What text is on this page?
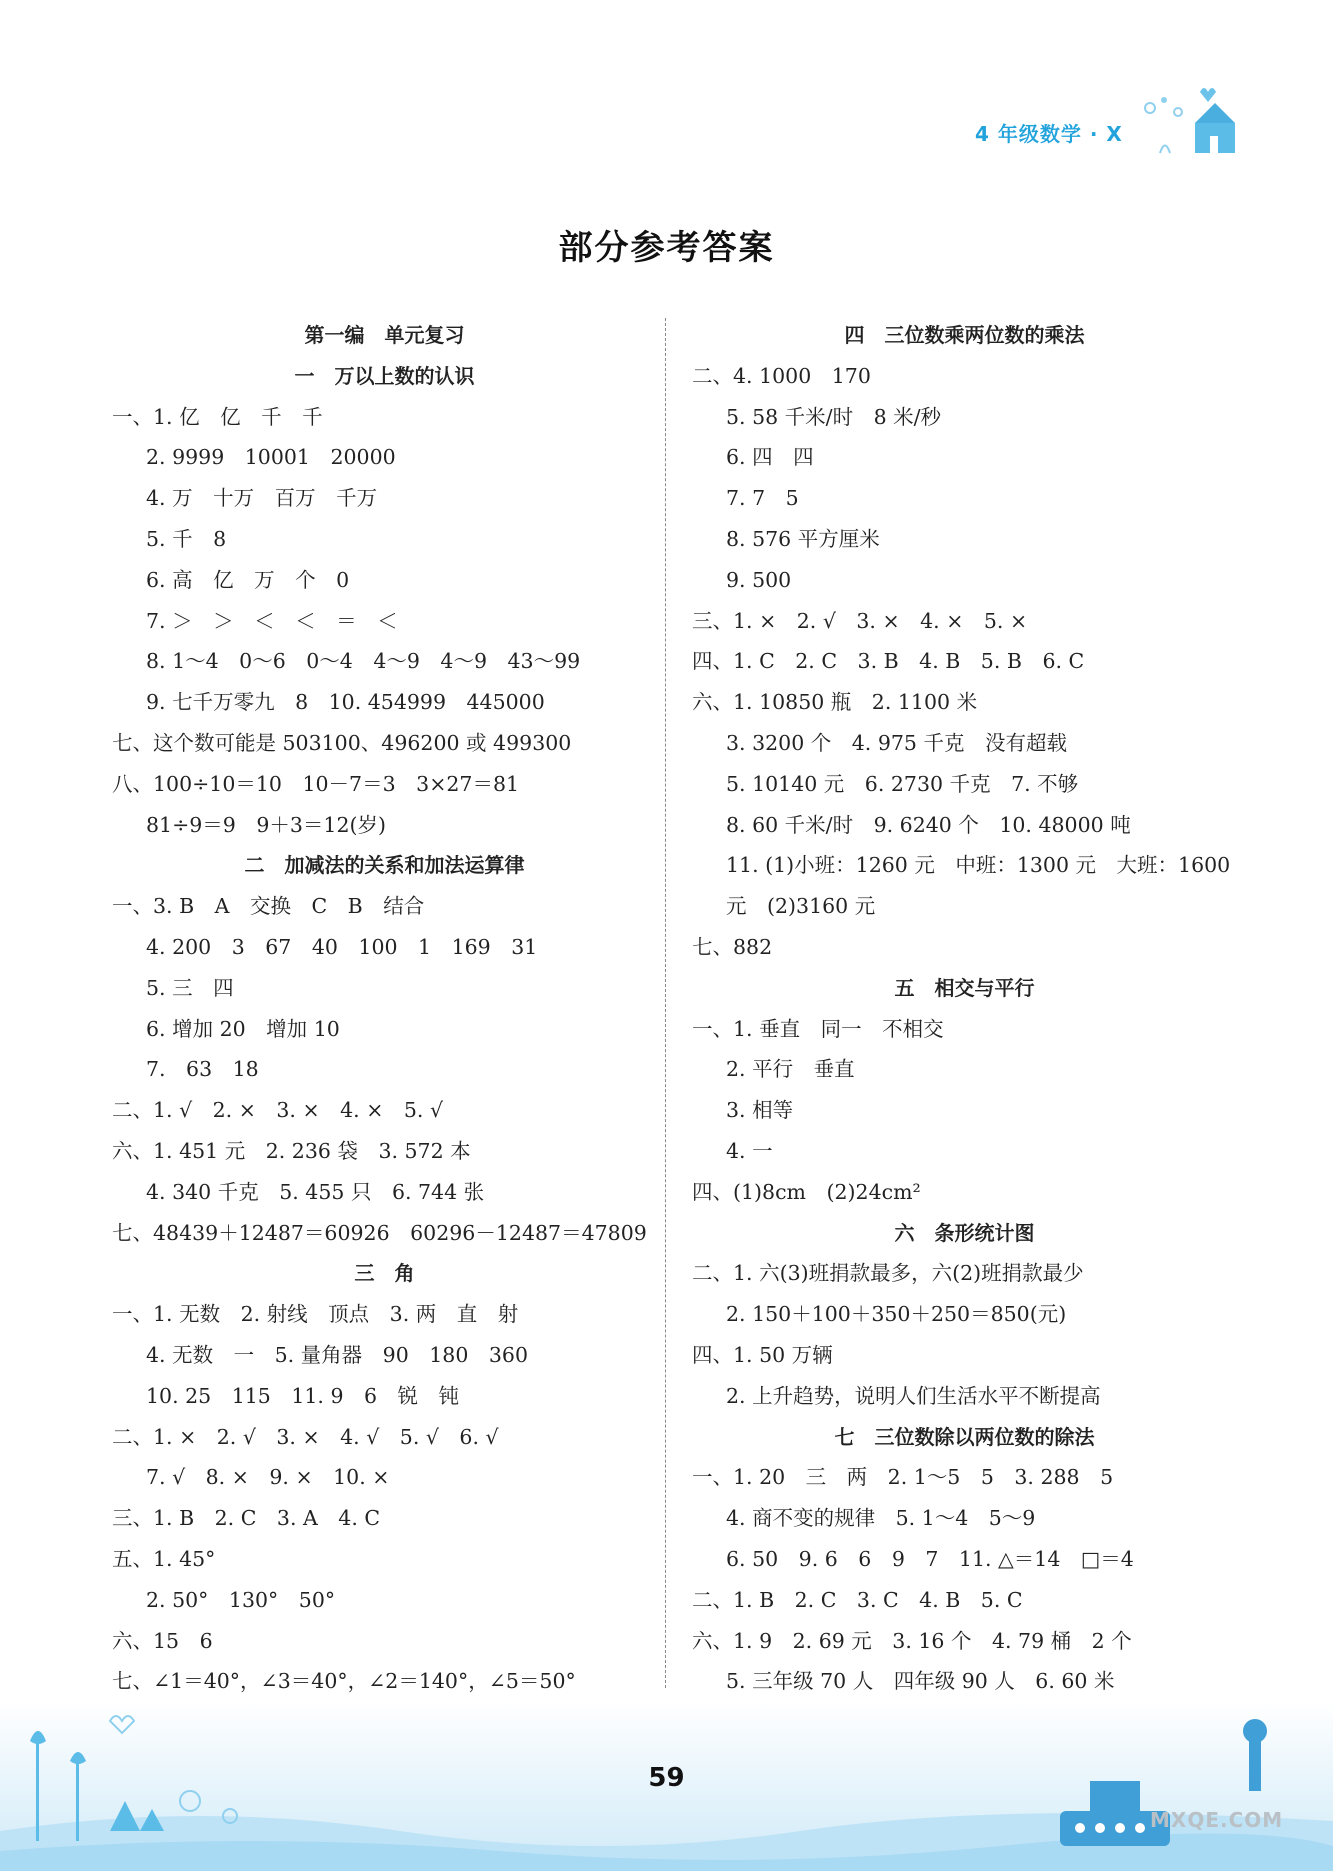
4 年级数学 · X
部分参考答案
第一编　单元复习
一　万以上数的认识
一、1. 亿　亿　千　千
2. 9999　10001　20000
4. 万　十万　百万　千万
5. 千　8
6. 高　亿　万　个　0
7. ＞　＞　＜　＜　＝　＜
8. 1～4　0～6　0～4　4～9　4～9　43～99
9. 七千万零九　8　10. 454999　445000
七、这个数可能是 503100、496200 或 499300
八、100÷10＝10　10－7＝3　3×27＝81
81÷9＝9　9＋3＝12(岁)
二　加减法的关系和加法运算律
一、3. B　A　交换　C　B　结合
4. 200　3　67　40　100　1　169　31
5. 三　四
6. 增加 20　增加 10
7.　63　18
二、1. √　2. ×　3. ×　4. ×　5. √
六、1. 451 元　2. 236 袋　3. 572 本
4. 340 千克　5. 455 只　6. 744 张
七、48439＋12487＝60926　60296－12487＝47809
三　角
一、1. 无数　2. 射线　顶点　3. 两　直　射
4. 无数　一　5. 量角器　90　180　360
10. 25　115　11. 9　6　锐　钝
二、1. ×　2. √　3. ×　4. √　5. √　6. √
7. √　8. ×　9. ×　10. ×
三、1. B　2. C　3. A　4. C
五、1. 45°
2. 50°　130°　50°
六、15　6
七、∠1＝40°，∠3＝40°，∠2＝140°，∠5＝50°
四　三位数乘两位数的乘法
二、4. 1000　170
5. 58 千米/时　8 米/秒
6. 四　四
7. 7　5
8. 576 平方厘米
9. 500
三、1. ×　2. √　3. ×　4. ×　5. ×
四、1. C　2. C　3. B　4. B　5. B　6. C
六、1. 10850 瓶　2. 1100 米
3. 3200 个　4. 975 千克　没有超载
5. 10140 元　6. 2730 千克　7. 不够
8. 60 千米/时　9. 6240 个　10. 48000 吨
11. (1)小班：1260 元　中班：1300 元　大班：1600
元　(2)3160 元
七、882
五　相交与平行
一、1. 垂直　同一　不相交
2. 平行　垂直
3. 相等
4. 一
四、(1)8cm　(2)24cm²
六　条形统计图
二、1. 六(3)班捐款最多，六(2)班捐款最少
2. 150＋100＋350＋250＝850(元)
四、1. 50 万辆
2. 上升趋势，说明人们生活水平不断提高
七　三位数除以两位数的除法
一、1. 20　三　两　2. 1～5　5　3. 288　5
4. 商不变的规律　5. 1～4　5～9
6. 50　9. 6　6　9　7　11. △＝14　□＝4
二、1. B　2. C　3. C　4. B　5. C
六、1. 9　2. 69 元　3. 16 个　4. 79 桶　2 个
5. 三年级 70 人　四年级 90 人　6. 60 米
59
MXQE.COM
